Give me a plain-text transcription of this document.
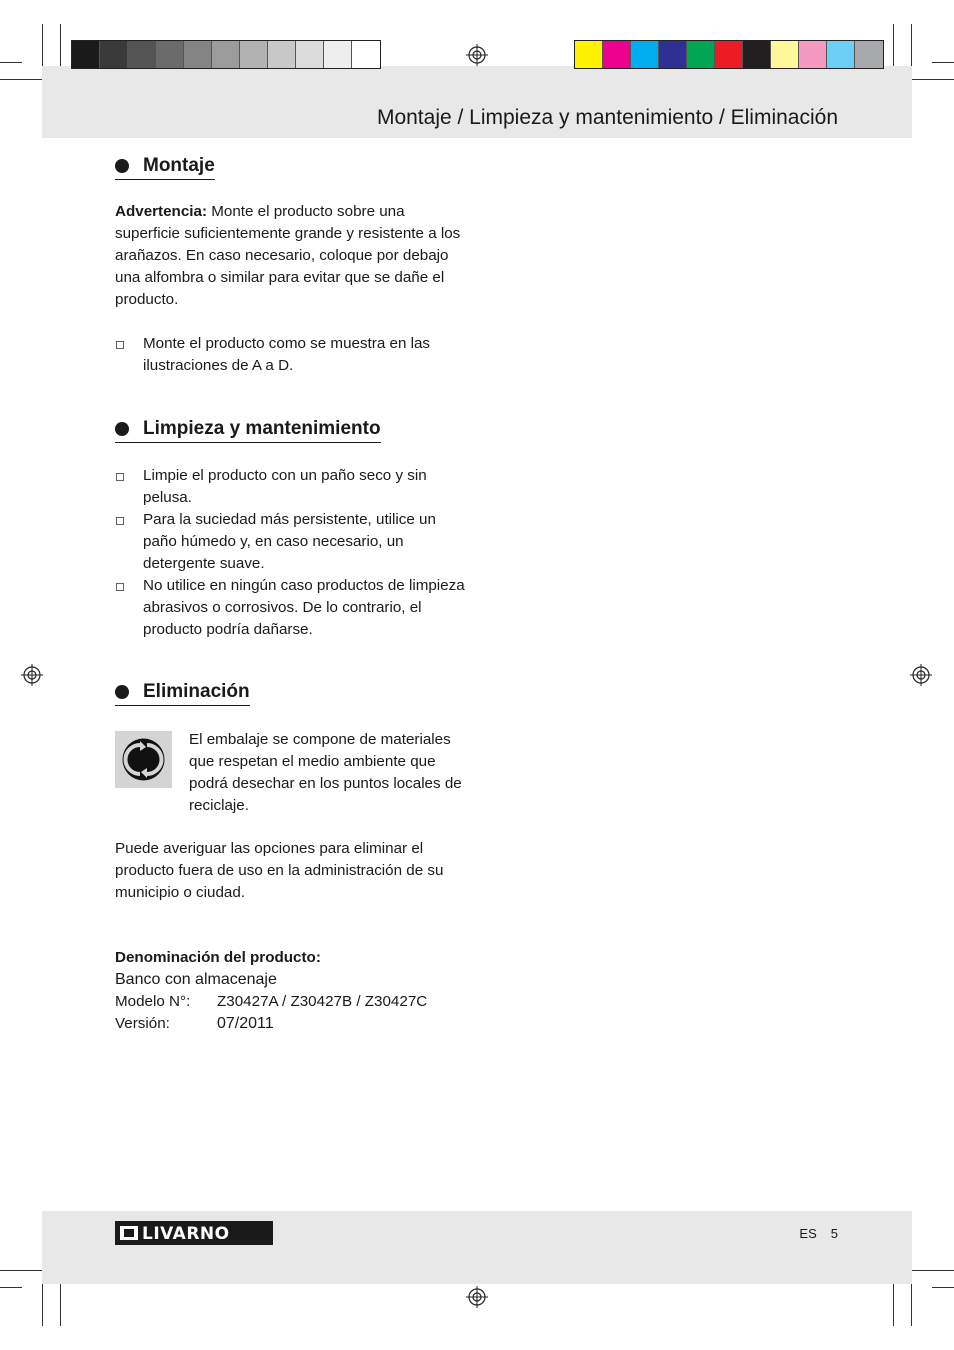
Montaje / Limpieza y mantenimiento / Eliminación
Montaje
Advertencia: Monte el producto sobre una superficie suficientemente grande y resistente a los arañazos. En caso necesario, coloque por debajo una alfombra o similar para evitar que se dañe el producto.
Monte el producto como se muestra en las ilustraciones de A a D.
Limpieza y mantenimiento
Limpie el producto con un paño seco y sin pelusa.
Para la suciedad más persistente, utilice un paño húmedo y, en caso necesario, un detergente suave.
No utilice en ningún caso productos de limpieza abrasivos o corrosivos. De lo contrario, el producto podría dañarse.
Eliminación
El embalaje se compone de materiales que respetan el medio ambiente que podrá desechar en los puntos locales de reciclaje.
Puede averiguar las opciones para eliminar el producto fuera de uso en la administración de su municipio o ciudad.
Denominación del producto:
Banco con almacenaje
Modelo N°: Z30427A / Z30427B / Z30427C
Versión:	07/2011
LIVARNO	ES 5
